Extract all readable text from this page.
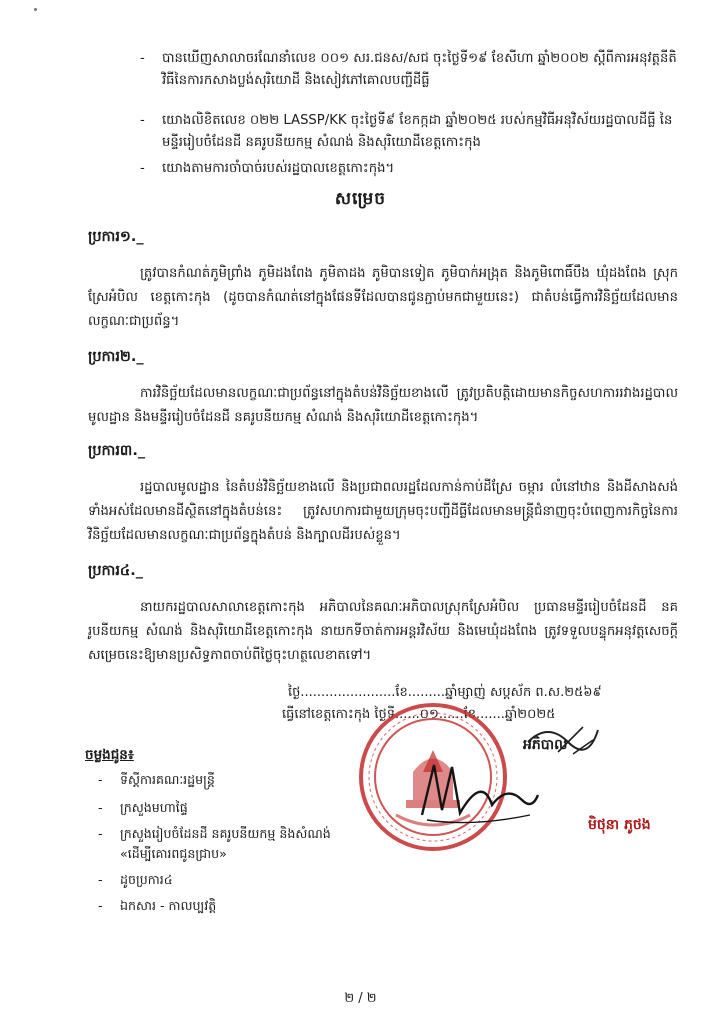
- បានឃើញសាលាចរណែនាំលេខ ០០១ សរ.ជនស/សជ ចុះថ្ងៃទី១៩ ខែសីហា ឆ្នាំ២០០២ ស្តីពីការអនុវត្តនីតិវិធីនៃការកសាងប្លង់សុរិយោដី និងសៀវភៅគោលបញ្ជីដីធ្លី
- យោងលិខិតលេខ ០២២ LASSP/KK ចុះថ្ងៃទី៩ ខែកក្កដា ឆ្នាំ២០២៥ របស់កម្មវិធីអនុវិស័យរដ្ឋបាលដីធ្លី នៃមន្ទីររៀបចំដែនដី នគរូបនីយកម្ម សំណង់ និងសុរិយោដីខេត្តកោះកុង
- យោងតាមការចាំបាច់របស់រដ្ឋបាលខេត្តកោះកុង។
សម្រេច
ប្រការ១._
ត្រូវបានកំណត់ភូមិព្រាំង ភូមិដងពែង ភូមិតាដង ភូមិបានទៀត ភូមិបាក់អង្រុត និងភូមិពោធិ៍បឹង ឃុំដងពែង ស្រុកស្រែអំបិល ខេត្តកោះកុង (ដូចបានកំណត់នៅក្នុងផែនទីដែលបានជូនភ្ជាប់មកជាមួយនេះ) ជាតំបន់ធ្វើការវិនិច្ឆ័យដែលមានលក្ខណៈជាប្រព័ន្ធ។
ប្រការ២._
ការវិនិច្ឆ័យដែលមានលក្ខណៈជាប្រព័ន្ធនៅក្នុងតំបន់វិនិច្ឆ័យខាងលើ ត្រូវប្រតិបត្តិដោយមានកិច្ចសហការរវាងរដ្ឋបាលមូលដ្ឋាន និងមន្ទីររៀបចំដែនដី នគរូបនីយកម្ម សំណង់ និងសុរិយោដីខេត្តកោះកុង។
ប្រការ៣._
រដ្ឋបាលមូលដ្ឋាន នៃតំបន់វិនិច្ឆ័យខាងលើ និងប្រជាពលរដ្ឋដែលកាន់កាប់ដីស្រែ ចម្ការ លំនៅឋាន និងដីសាងសង់ទាំងអស់ដែលមានដីស្ថិតនៅក្នុងតំបន់នេះ ត្រូវសហការជាមួយក្រុមចុះបញ្ជីដីធ្លីដែលមានមន្ត្រីជំនាញចុះបំពេញការកិច្ចនៃការវិនិច្ឆ័យដែលមានលក្ខណៈជាប្រព័ន្ធក្នុងតំបន់ និងក្បាលដីរបស់ខ្លួន។
ប្រការ៤._
នាយករដ្ឋបាលសាលាខេត្តកោះកុង អភិបាលនៃគណៈអភិបាលស្រុកស្រែអំបិល ប្រធានមន្ទីររៀបចំដែនដី នគរូបនីយកម្ម សំណង់ និងសុរិយោដីខេត្តកោះកុង នាយកទីចាត់ការអន្តរវិស័យ និងមេឃុំដងពែង ត្រូវទទួលបន្ទុកអនុវត្តសេចក្តីសម្រេចនេះឱ្យមានប្រសិទ្ធភាពចាប់ពីថ្ងៃចុះហត្ថលេខាតទៅ។
ថ្ងៃ.......................ខែ.........ឆ្នាំម្សាញ់ សប្តស័ក ព.ស.២៥៦៩
ធ្វើនៅខេត្តកោះកុង ថ្ងៃទី......០១......ខែ.......ឆ្នាំ២០២៥
អភិបាល
មិថុនា ភូថង
ចម្លងជូន៖
- ទីស្តីការគណៈរដ្ឋមន្ត្រី
- ក្រសួងមហាផ្ទៃ
- ក្រសួងរៀបចំដែនដី នគរូបនីយកម្ម និងសំណង់
«ដើម្បីគោរពជូនជ្រាប»
- ដូចប្រការ៤
- ឯកសារ - កាលប្បវត្តិ
២ / ២
